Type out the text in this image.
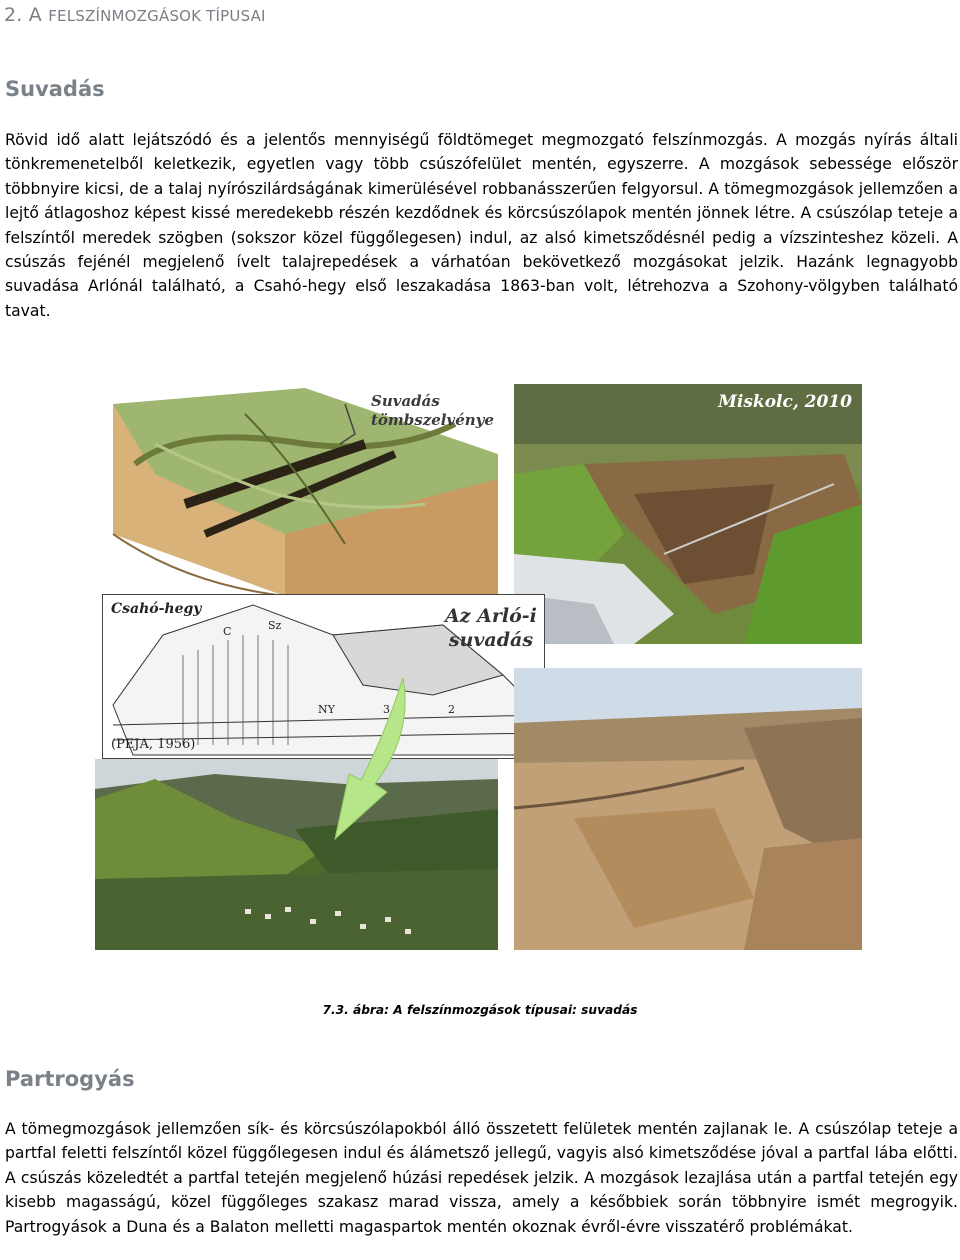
2. A FELSZÍNMOZGÁSOK TÍPUSAI
Suvadás

Rövid idő alatt lejátszódó és a jelentős mennyiségű földtömeget megmozgató felszínmozgás. A mozgás nyírás általi tönkremenetelből keletkezik, egyetlen vagy több csúszófelület mentén, egyszerre. A mozgások sebessége először többnyire kicsi, de a talaj nyírószilárdságának kimerülésével robbanásszerűen felgyorsul. A tömegmozgások jellemzően a lejtő átlagoshoz képest kissé meredekebb részén kezdődnek és körcsúszólapok mentén jönnek létre. A csúszólap teteje a felszíntől meredek szögben (sokszor közel függőlegesen) indul, az alsó kimetsződésnél pedig a vízszinteshez közeli. A csúszás fejénél megjelenő ívelt talajrepedések a várhatóan bekövetkező mozgásokat jelzik. Hazánk legnagyobb suvadása Arlónál található, a Csahó-hegy első leszakadása 1863-ban volt, létrehozva a Szohony-völgyben található tavat.

Suvadás
tömbszelvénye
Miskolc, 2010
C	Sz
NY	3	2
Csahó-hegy
(PEJA, 1956)
Az Arló-i
suvadás
7.3. ábra: A felszínmozgások típusai: suvadás
Partrogyás

A tömegmozgások jellemzően sík- és körcsúszólapokból álló összetett felületek mentén zajlanak le. A csúszólap teteje a partfal feletti felszíntől közel függőlegesen indul és álámetsző jellegű, vagyis alsó kimetsződése jóval a partfal lába előtti. A csúszás közeledtét a partfal tetején megjelenő húzási repedések jelzik. A mozgások lezajlása után a partfal tetején egy kisebb magasságú, közel függőleges szakasz marad vissza, amely a későbbiek során többnyire ismét megrogyik. Partrogyások a Duna és a Balaton melletti magaspartok mentén okoznak évről-évre visszatérő problémákat.
